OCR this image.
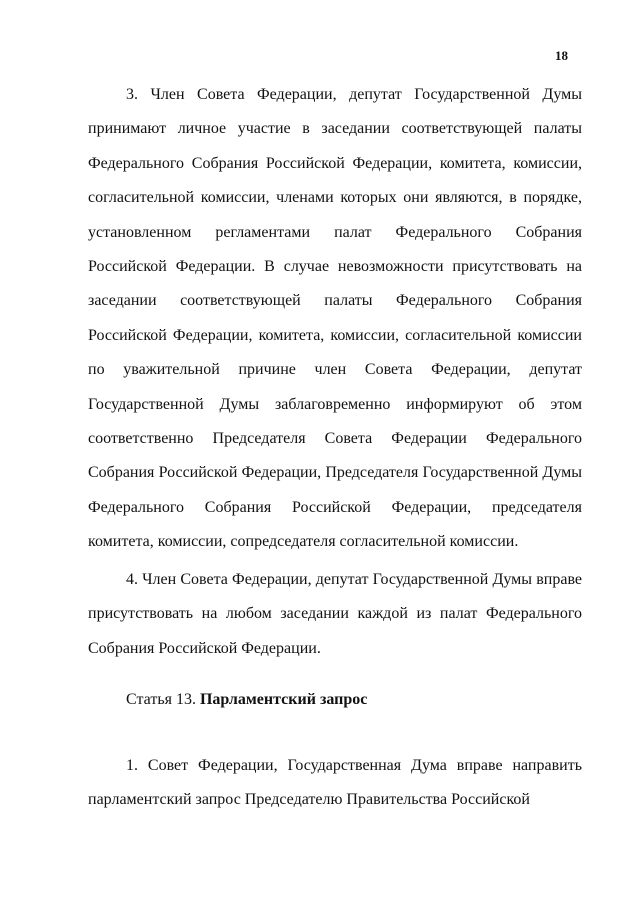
18

3. Член Совета Федерации, депутат Государственной Думы принимают личное участие в заседании соответствующей палаты Федерального Собрания Российской Федерации, комитета, комиссии, согласительной комиссии, членами которых они являются, в порядке, установленном регламентами палат Федерального Собрания Российской Федерации. В случае невозможности присутствовать на заседании соответствующей палаты Федерального Собрания Российской Федерации, комитета, комиссии, согласительной комиссии по уважительной причине член Совета Федерации, депутат Государственной Думы заблаговременно информируют об этом соответственно Председателя Совета Федерации Федерального Собрания Российской Федерации, Председателя Государственной Думы Федерального Собрания Российской Федерации, председателя комитета, комиссии, сопредседателя согласительной комиссии.

4. Член Совета Федерации, депутат Государственной Думы вправе присутствовать на любом заседании каждой из палат Федерального Собрания Российской Федерации.

Статья 13. Парламентский запрос

1. Совет Федерации, Государственная Дума вправе направить парламентский запрос Председателю Правительства Российской
